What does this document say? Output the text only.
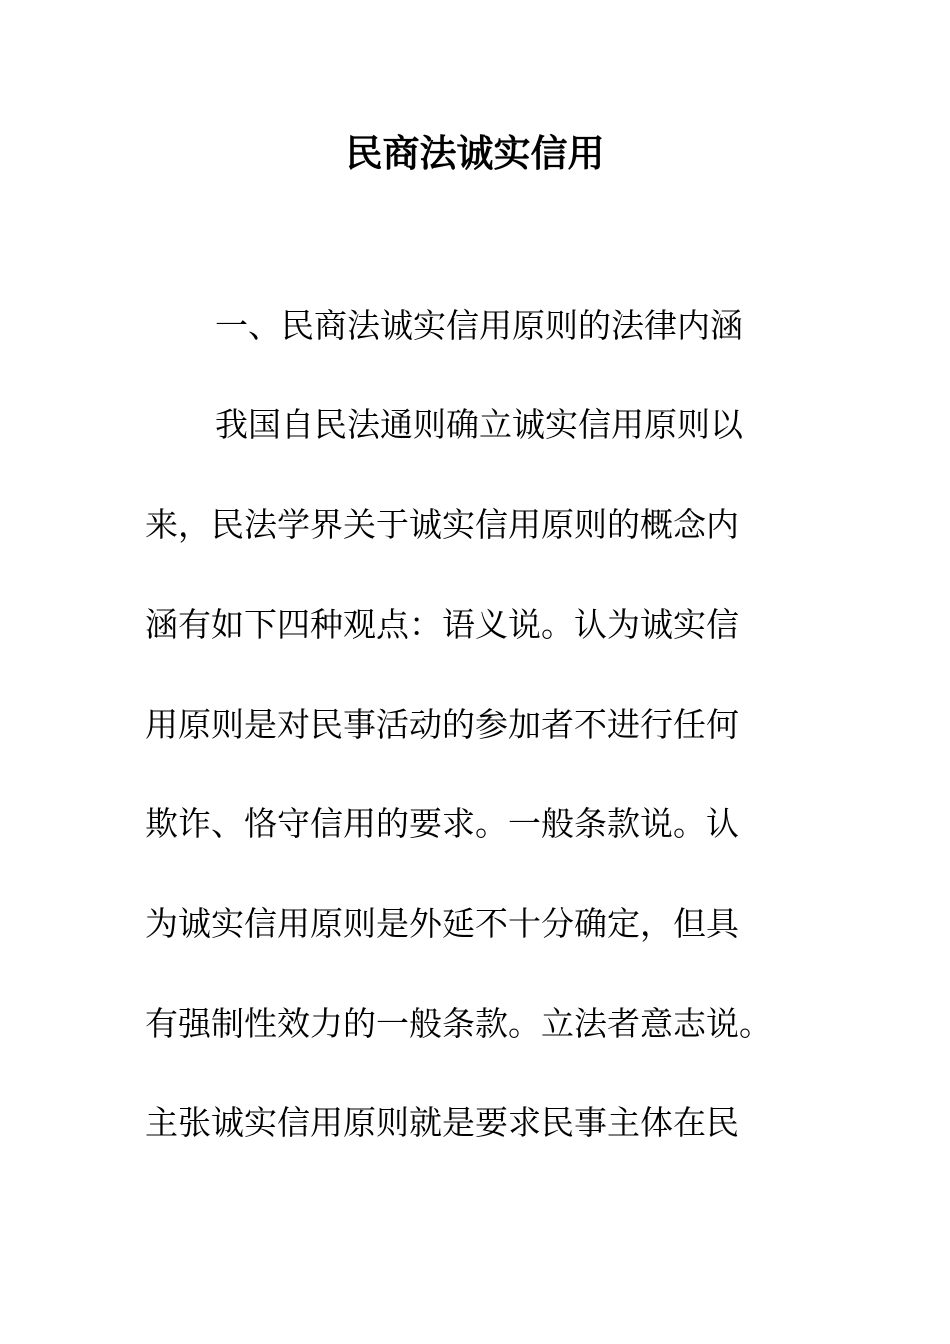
民商法诚实信用
一、民商法诚实信用原则的法律内涵
我国自民法通则确立诚实信用原则以
来，民法学界关于诚实信用原则的概念内
涵有如下四种观点：语义说。认为诚实信
用原则是对民事活动的参加者不进行任何
欺诈、恪守信用的要求。一般条款说。认
为诚实信用原则是外延不十分确定，但具
有强制性效力的一般条款。立法者意志说。
主张诚实信用原则就是要求民事主体在民
